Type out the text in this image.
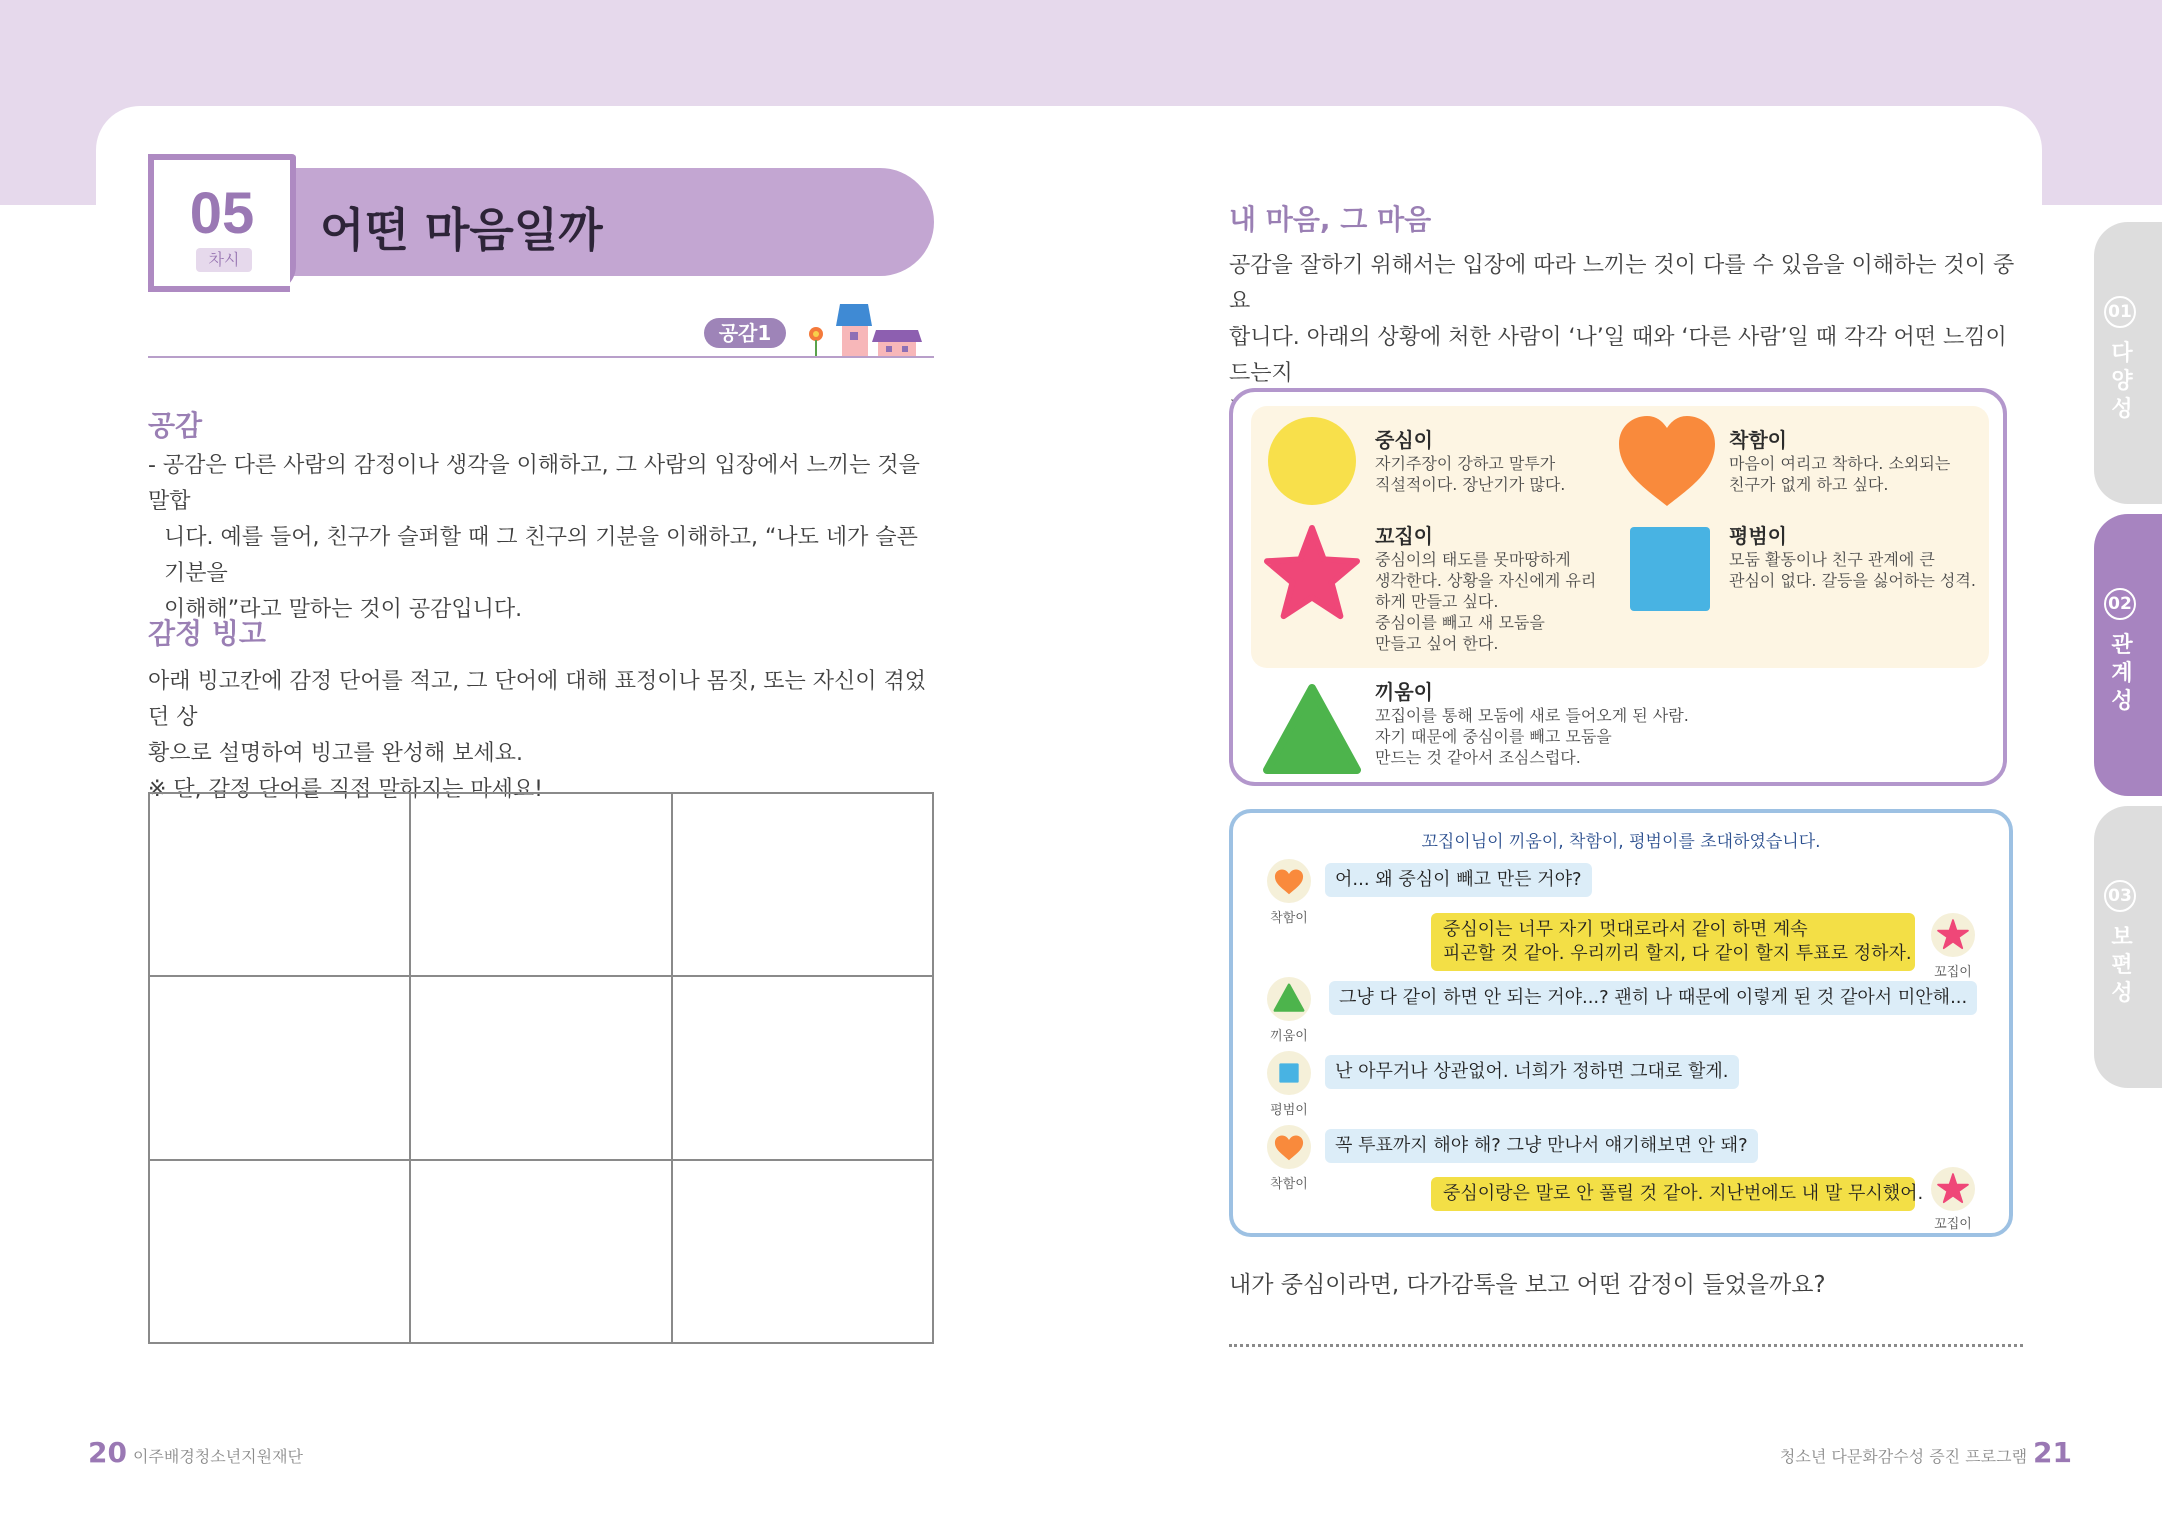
어떤 마음일까
05
차시
공감1
공감
- 공감은 다른 사람의 감정이나 생각을 이해하고, 그 사람의 입장에서 느끼는 것을 말합
니다. 예를 들어, 친구가 슬퍼할 때 그 친구의 기분을 이해하고, “나도 네가 슬픈 기분을
이해해”라고 말하는 것이 공감입니다.
감정 빙고
아래 빙고칸에 감정 단어를 적고, 그 단어에 대해 표정이나 몸짓, 또는 자신이 겪었던 상
황으로 설명하여 빙고를 완성해 보세요.
※ 단, 감정 단어를 직접 말하지는 마세요!
20 이주배경청소년지원재단
내 마음, 그 마음
공감을 잘하기 위해서는 입장에 따라 느끼는 것이 다를 수 있음을 이해하는 것이 중요
합니다. 아래의 상황에 처한 사람이 ‘나’일 때와 ‘다른 사람’일 때 각각 어떤 느낌이 드는지
중심이
자기주장이 강하고 말투가
직설적이다. 장난기가 많다.
착함이
마음이 여리고 착하다. 소외되는
친구가 없게 하고 싶다.
꼬집이
중심이의 태도를 못마땅하게
생각한다. 상황을 자신에게 유리
하게 만들고 싶다.
중심이를 빼고 새 모둠을
만들고 싶어 한다.
평범이
모둠 활동이나 친구 관계에 큰
관심이 없다. 갈등을 싫어하는 성격.
끼움이
꼬집이를 통해 모둠에 새로 들어오게 된 사람.
자기 때문에 중심이를 빼고 모둠을
만드는 것 같아서 조심스럽다.
꼬집이님이 끼움이, 착함이, 평범이를 초대하였습니다.
착함이
어... 왜 중심이 빼고 만든 거야?
중심이는 너무 자기 멋대로라서 같이 하면 계속
피곤할 것 같아. 우리끼리 할지, 다 같이 할지 투표로 정하자.
꼬집이
끼움이
그냥 다 같이 하면 안 되는 거야...? 괜히 나 때문에 이렇게 된 것 같아서 미안해...
평범이
난 아무거나 상관없어. 너희가 정하면 그대로 할게.
착함이
꼭 투표까지 해야 해? 그냥 만나서 얘기해보면 안 돼?
중심이랑은 말로 안 풀릴 것 같아. 지난번에도 내 말 무시했어.
꼬집이
내가 중심이라면, 다가감톡을 보고 어떤 감정이 들었을까요?
청소년 다문화감수성 증진 프로그램 21
01
다
양
성
02
관
계
성
03
보
편
성
